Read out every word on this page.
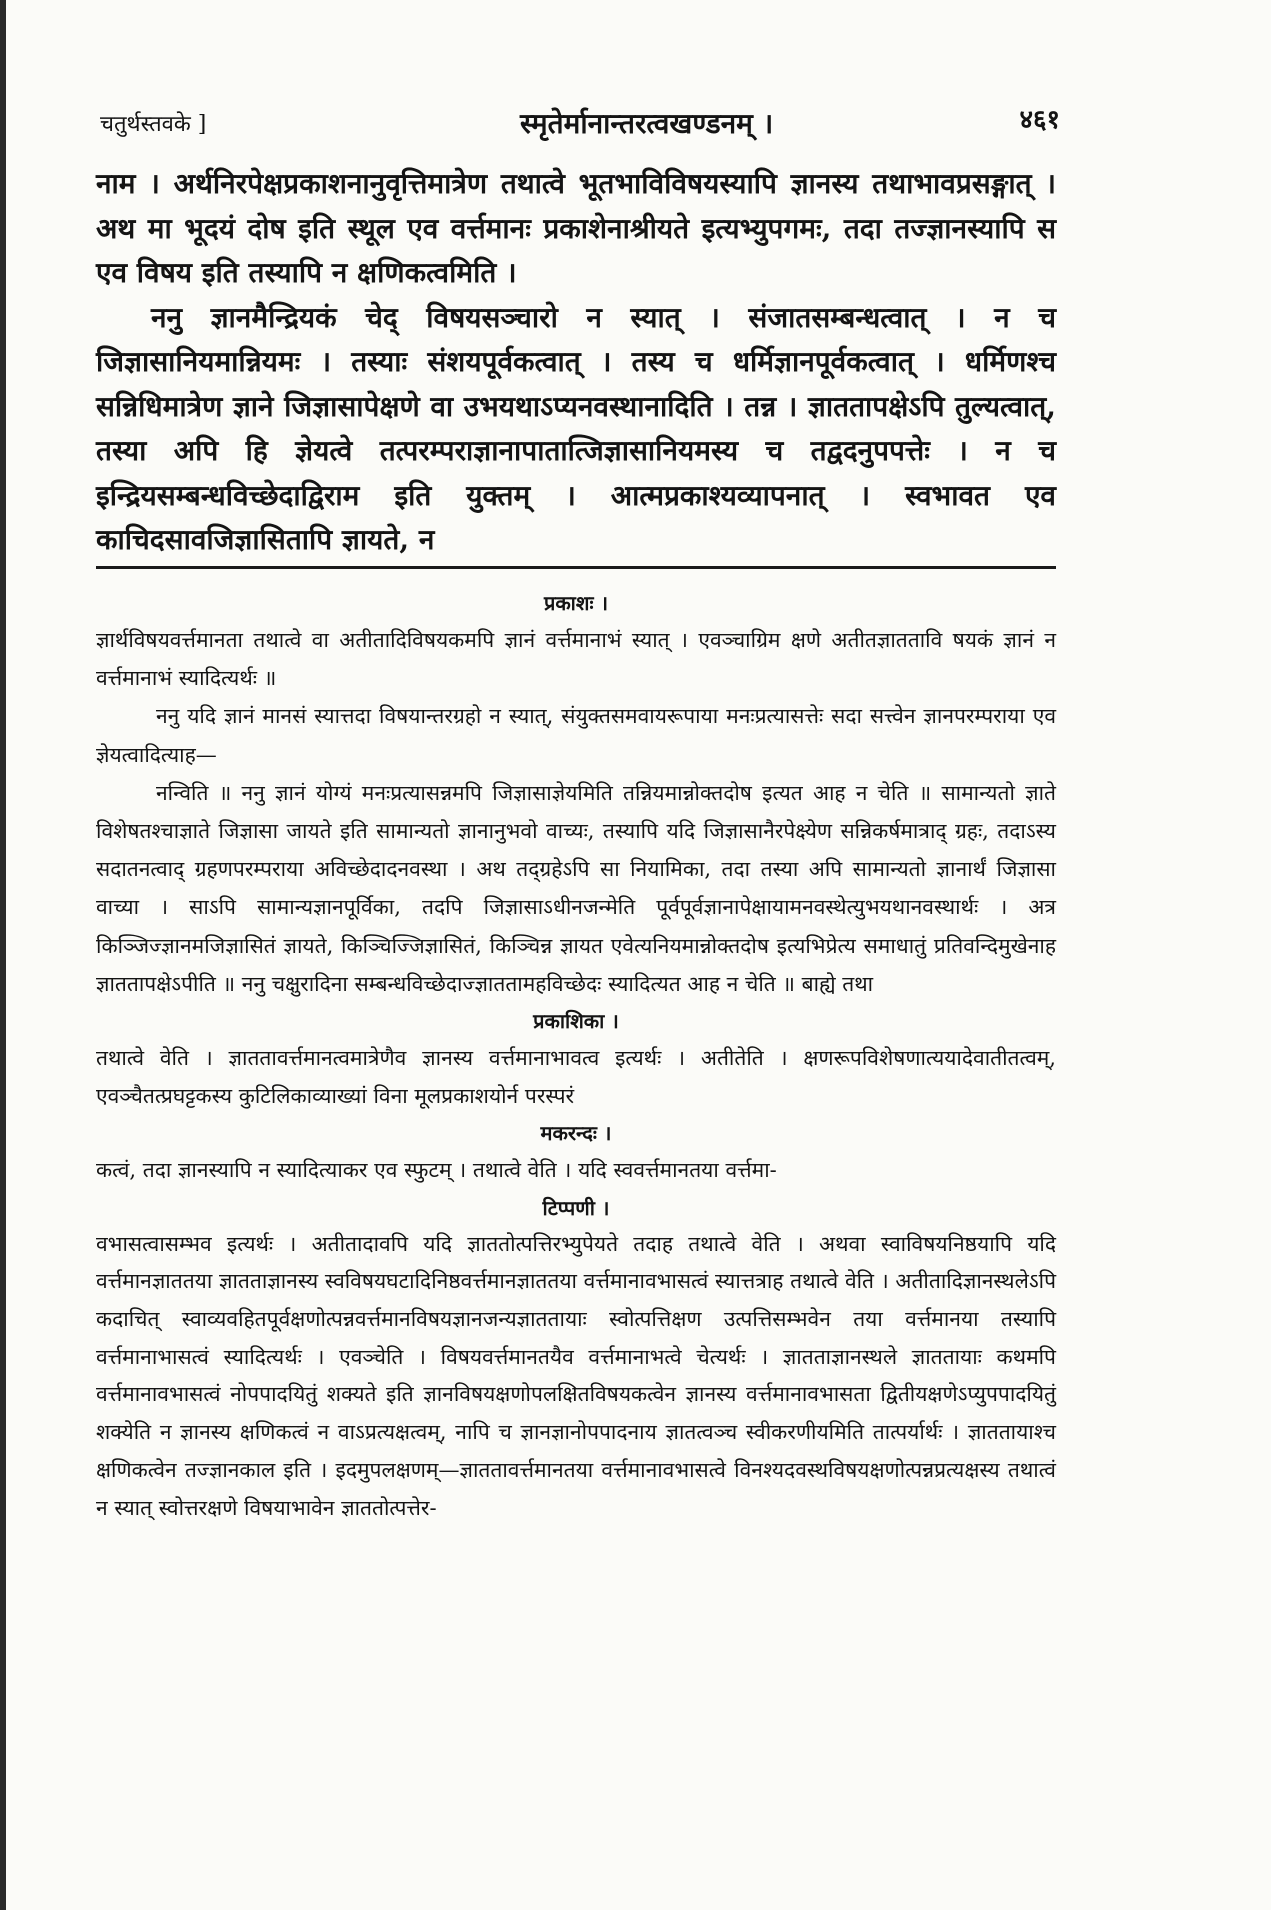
चतुर्थस्तवके ]	स्मृतेर्मानान्तरत्वखण्डनम् ।	४६१

नाम । अर्थनिरपेक्षप्रकाशनानुवृत्तिमात्रेण तथात्वे भूतभाविविषयस्यापि ज्ञानस्य तथाभावप्रसङ्गात् । अथ मा भूदयं दोष इति स्थूल एव वर्त्तमानः प्रकाशेनाश्रीयते इत्यभ्युपगमः, तदा तज्ज्ञानस्यापि स एव विषय इति तस्यापि न क्षणिकत्वमिति ।

ननु ज्ञानमैन्द्रियकं चेद् विषयसञ्चारो न स्यात् । संजातसम्बन्धत्वात् । न च जिज्ञासानियमान्नियमः । तस्याः संशयपूर्वकत्वात् । तस्य च धर्मिज्ञानपूर्वकत्वात् । धर्मिणश्च सन्निधिमात्रेण ज्ञाने जिज्ञासापेक्षणे वा उभयथाऽप्यनवस्थानादिति । तन्न । ज्ञाततापक्षेऽपि तुल्यत्वात्, तस्या अपि हि ज्ञेयत्वे तत्परम्पराज्ञानापातात्जिज्ञासानियमस्य च तद्वदनुपपत्तेः । न च इन्द्रियसम्बन्धविच्छेदाद्विराम इति युक्तम् । आत्मप्रकाश्यव्यापनात् । स्वभावत एव काचिदसावजिज्ञासितापि ज्ञायते, न

प्रकाशः ।

ज्ञार्थविषयवर्त्तमानता तथात्वे वा अतीतादिविषयकमपि ज्ञानं वर्त्तमानाभं स्यात् । एवञ्चाग्रिम क्षणे अतीतज्ञाततावि षयकं ज्ञानं न वर्त्तमानाभं स्यादित्यर्थः ॥

ननु यदि ज्ञानं मानसं स्यात्तदा विषयान्तरग्रहो न स्यात्, संयुक्तसमवायरूपाया मनःप्रत्यासत्तेः सदा सत्त्वेन ज्ञानपरम्पराया एव ज्ञेयत्वादित्याह—

नन्विति ॥ ननु ज्ञानं योग्यं मनःप्रत्यासन्नमपि जिज्ञासाज्ञेयमिति तन्नियमान्नोक्तदोष इत्यत आह न चेति ॥ सामान्यतो ज्ञाते विशेषतश्चाज्ञाते जिज्ञासा जायते इति सामान्यतो ज्ञानानुभवो वाच्यः, तस्यापि यदि जिज्ञासानैरपेक्ष्येण सन्निकर्षमात्राद् ग्रहः, तदाऽस्य सदातनत्वाद् ग्रहणपरम्पराया अविच्छेदादनवस्था । अथ तद्ग्रहेऽपि सा नियामिका, तदा तस्या अपि सामान्यतो ज्ञानार्थं जिज्ञासा वाच्या । साऽपि सामान्यज्ञानपूर्विका, तदपि जिज्ञासाऽधीनजन्मेति पूर्वपूर्वज्ञानापेक्षायामनवस्थेत्युभयथानवस्थार्थः । अत्र किञ्जिज्ज्ञानमजिज्ञासितं ज्ञायते, किञ्चिज्जिज्ञासितं, किञ्चिन्न ज्ञायत एवेत्यनियमान्नोक्तदोष इत्यभिप्रेत्य समाधातुं प्रतिवन्दिमुखेनाह ज्ञाततापक्षेऽपीति ॥ ननु चक्षुरादिना सम्बन्धविच्छेदाज्ज्ञाततामहविच्छेदः स्यादित्यत आह न चेति ॥ बाह्ये तथा

प्रकाशिका ।

तथात्वे वेति । ज्ञाततावर्त्तमानत्वमात्रेणैव ज्ञानस्य वर्त्तमानाभावत्व इत्यर्थः । अतीतेति । क्षणरूपविशेषणात्ययादेवातीतत्वम्, एवञ्चैतत्प्रघट्टकस्य कुटिलिकाव्याख्यां विना मूलप्रकाशयोर्न परस्परं

मकरन्दः ।

कत्वं, तदा ज्ञानस्यापि न स्यादित्याकर एव स्फुटम् । तथात्वे वेति । यदि स्ववर्त्तमानतया वर्त्तमा-

टिप्पणी ।

वभासत्वासम्भव इत्यर्थः । अतीतादावपि यदि ज्ञाततोत्पत्तिरभ्युपेयते तदाह तथात्वे वेति । अथवा स्वाविषयनिष्ठयापि यदि वर्त्तमानज्ञाततया ज्ञातताज्ञानस्य स्वविषयघटादिनिष्ठवर्त्तमानज्ञाततया वर्त्तमानावभासत्वं स्यात्तत्राह तथात्वे वेति । अतीतादिज्ञानस्थलेऽपि कदाचित् स्वाव्यवहितपूर्वक्षणोत्पन्नवर्त्तमानविषयज्ञानजन्यज्ञाततायाः स्वोत्पत्तिक्षण उत्पत्तिसम्भवेन तया वर्त्तमानया तस्यापि वर्त्तमानाभासत्वं स्यादित्यर्थः । एवञ्चेति । विषयवर्त्तमानतयैव वर्त्तमानाभत्वे चेत्यर्थः । ज्ञातताज्ञानस्थले ज्ञाततायाः कथमपि वर्त्तमानावभासत्वं नोपपादयितुं शक्यते इति ज्ञानविषयक्षणोपलक्षितविषयकत्वेन ज्ञानस्य वर्त्तमानावभासता द्वितीयक्षणेऽप्युपपादयितुं शक्येति न ज्ञानस्य क्षणिकत्वं न वाऽप्रत्यक्षत्वम्, नापि च ज्ञानज्ञानोपपादनाय ज्ञातत्वञ्च स्वीकरणीयमिति तात्पर्यार्थः । ज्ञाततायाश्च क्षणिकत्वेन तज्ज्ञानकाल इति । इदमुपलक्षणम्—ज्ञाततावर्त्तमानतया वर्त्तमानावभासत्वे विनश्यदवस्थविषयक्षणोत्पन्नप्रत्यक्षस्य तथात्वं न स्यात् स्वोत्तरक्षणे विषयाभावेन ज्ञाततोत्पत्तेर-
